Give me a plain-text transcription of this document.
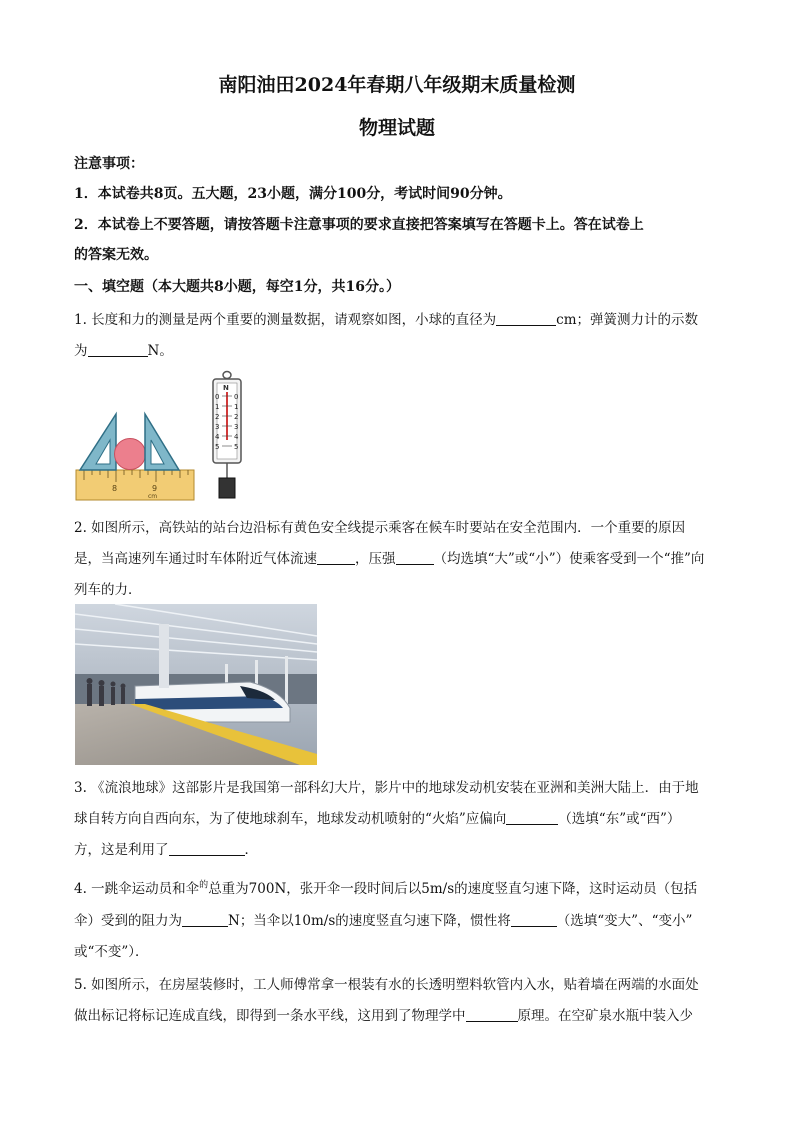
南阳油田2024年春期八年级期末质量检测
物理试题
注意事项：
1．本试卷共8页。五大题，23小题，满分100分，考试时间90分钟。
2．本试卷上不要答题，请按答题卡注意事项的要求直接把答案填写在答题卡上。答在试卷上
的答案无效。
一、填空题（本大题共8小题，每空1分，共16分。）
1. 长度和力的测量是两个重要的测量数据，请观察如图，小球的直径为	cm；弹簧测力计的示数
为	N。
8	9
cm
N
0
1
2
3
4
5
0
1
2
3
4
5
2. 如图所示，高铁站的站台边沿标有黄色安全线提示乘客在候车时要站在安全范围内．一个重要的原因
是，当高速列车通过时车体附近气体流速	，压强	（均选填“大”或“小”）使乘客受到一个“推”向
列车的力．
3. 《流浪地球》这部影片是我国第一部科幻大片，影片中的地球发动机安装在亚洲和美洲大陆上．由于地
球自转方向自西向东，为了使地球刹车，地球发动机喷射的“火焰”应偏向	（选填“东”或“西”）
方，这是利用了	．
4. 一跳伞运动员和伞$^的$总重为700N，张开伞一段时间后以5m/s的速度竖直匀速下降，这时运动员（包括
伞）受到的阻力为	N；当伞以10m/s的速度竖直匀速下降，惯性将	（选填“变大”、“变小”
或“不变”）．
5. 如图所示，在房屋装修时，工人师傅常拿一根装有水的长透明塑料软管内入水，贴着墙在两端的水面处
做出标记将标记连成直线，即得到一条水平线，这用到了物理学中	原理。在空矿泉水瓶中装入少
